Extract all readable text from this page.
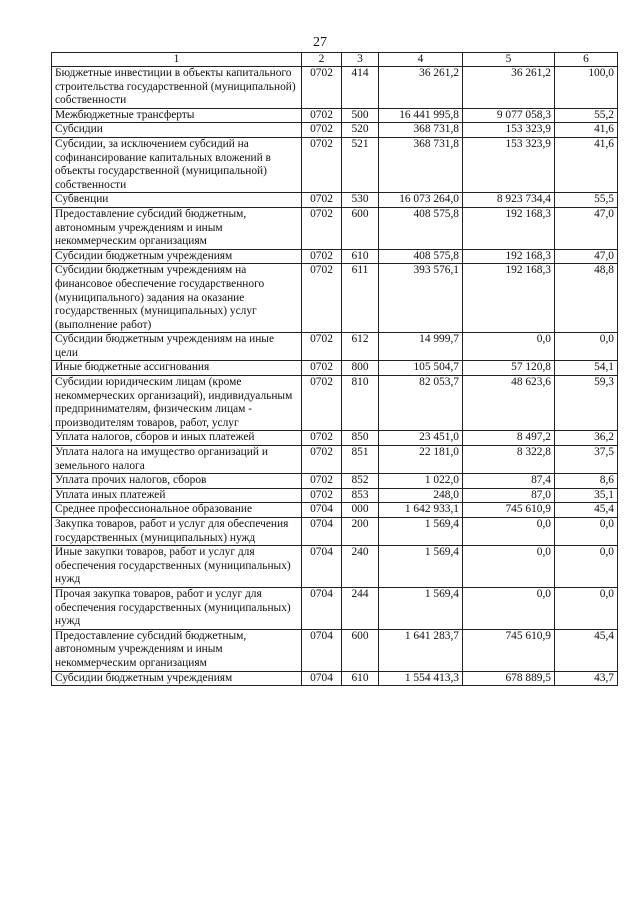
27
1	2	3	4	5	6
Бюджетные инвестиции в объекты капитального строительства государственной (муниципальной) собственности	0702	414	36 261,2	36 261,2	100,0
Межбюджетные трансферты	0702	500	16 441 995,8	9 077 058,3	55,2
Субсидии	0702	520	368 731,8	153 323,9	41,6
Субсидии, за исключением субсидий на софинансирование капитальных вложений в объекты государственной (муниципальной) собственности	0702	521	368 731,8	153 323,9	41,6
Субвенции	0702	530	16 073 264,0	8 923 734,4	55,5
Предоставление субсидий бюджетным, автономным учреждениям и иным некоммерческим организациям	0702	600	408 575,8	192 168,3	47,0
Субсидии бюджетным учреждениям	0702	610	408 575,8	192 168,3	47,0
Субсидии бюджетным учреждениям на финансовое обеспечение государственного (муниципального) задания на оказание государственных (муниципальных) услуг (выполнение работ)	0702	611	393 576,1	192 168,3	48,8
Субсидии бюджетным учреждениям на иные цели	0702	612	14 999,7	0,0	0,0
Иные бюджетные ассигнования	0702	800	105 504,7	57 120,8	54,1
Субсидии юридическим лицам (кроме некоммерческих организаций), индивидуальным предпринимателям, физическим лицам - производителям товаров, работ, услуг	0702	810	82 053,7	48 623,6	59,3
Уплата налогов, сборов и иных платежей	0702	850	23 451,0	8 497,2	36,2
Уплата налога на имущество организаций и земельного налога	0702	851	22 181,0	8 322,8	37,5
Уплата прочих налогов, сборов	0702	852	1 022,0	87,4	8,6
Уплата иных платежей	0702	853	248,0	87,0	35,1
Среднее профессиональное образование	0704	000	1 642 933,1	745 610,9	45,4
Закупка товаров, работ и услуг для обеспечения государственных (муниципальных) нужд	0704	200	1 569,4	0,0	0,0
Иные закупки товаров, работ и услуг для обеспечения государственных (муниципальных) нужд	0704	240	1 569,4	0,0	0,0
Прочая закупка товаров, работ и услуг для обеспечения государственных (муниципальных) нужд	0704	244	1 569,4	0,0	0,0
Предоставление субсидий бюджетным, автономным учреждениям и иным некоммерческим организациям	0704	600	1 641 283,7	745 610,9	45,4
Субсидии бюджетным учреждениям	0704	610	1 554 413,3	678 889,5	43,7
